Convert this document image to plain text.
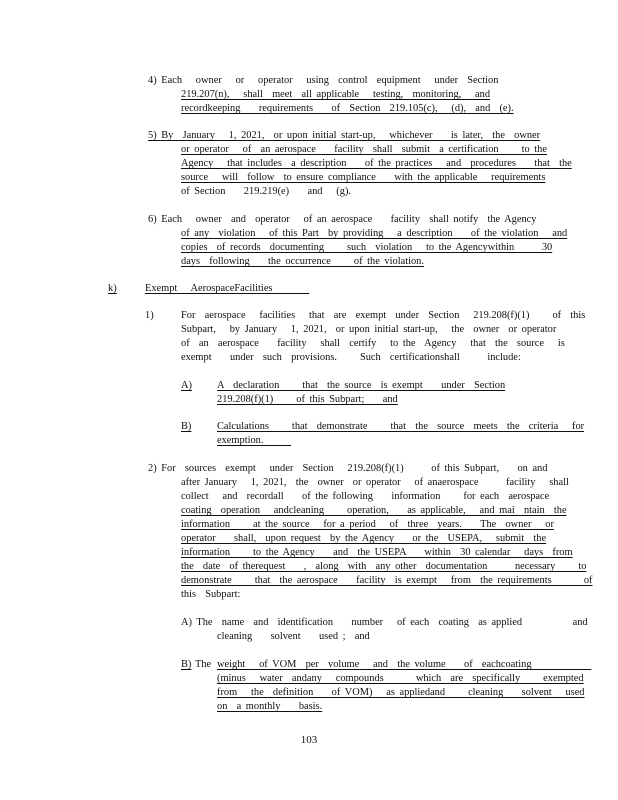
4) Each   owner   or   operator   using  control  equipment   under  Section
219.207(n),   shall  meet  all applicable   testing,  monitoring,   and
recordkeeping    requirements    of  Section  219.105(c),   (d),  and  (e).
5) By  January   1, 2021,  or upon initial start-up,   whichever    is later,  the  owner
or operator   of  an aerospace    facility  shall  submit  a certification     to the
Agency   that includes  a description    of the practices   and  procedures    that  the
source   will  follow  to ensure compliance    with the applicable   requirements
of Section    219.219(e)    and   (g).
6) Each   owner  and  operator   of an aerospace    facility  shall notify  the Agency
of any  violation   of this Part  by providing   a description    of the violation   and
copies  of records  documenting     such  violation   to the Agencywithin      30
days  following    the occurrence     of the violation.
k)	Exempt   AerospaceFacilities
1)	For  aerospace   facilities   that  are  exempt  under  Section   219.208(f)(1)     of  this
Subpart,   by January   1, 2021,  or upon initial start-up,   the  owner  or operator
of  an  aerospace    facility   shall  certify   to the  Agency   that  the  source   is
exempt    under  such  provisions.     Such  certificationshall      include:
A) A  declaration     that  the source  is exempt    under  Section
219.208(f)(1)     of this Subpart;    and
B) Calculations     that  demonstrate     that  the  source  meets  the  criteria   for
exemption.
2) For  sources  exempt   under  Section   219.208(f)(1)      of this Subpart,    on and
after January   1, 2021,  the  owner  or operator   of anaerospace      facility   shall
collect   and  recordall    of the following    information     for each  aerospace
coating  operation   andcleaning     operation,    as applicable,   and mai  ntain  the
information     at the source   for a period   of  three  years.    The  owner   or
operator    shall,  upon request  by the Agency    or the  USEPA,   submit  the
information     to the Agency    and  the USEPA    within  30 calendar   days  from
the  date  of therequest    ,  along  with  any other  documentation      necessary     to
demonstrate     that  the aerospace    facility  is exempt   from  the requirements       of
this  Subpart:
A) The  name  and  identification    number   of each  coating  as applied           and
cleaning    solvent    used ;  and
B) The weight   of VOM  per  volume   and  the volume    of  eachcoating
(minus   water  andany   compounds       which  are  specifically     exempted
from   the  definition    of VOM)   as appliedand     cleaning    solvent   used
on  a monthly    basis.
103
